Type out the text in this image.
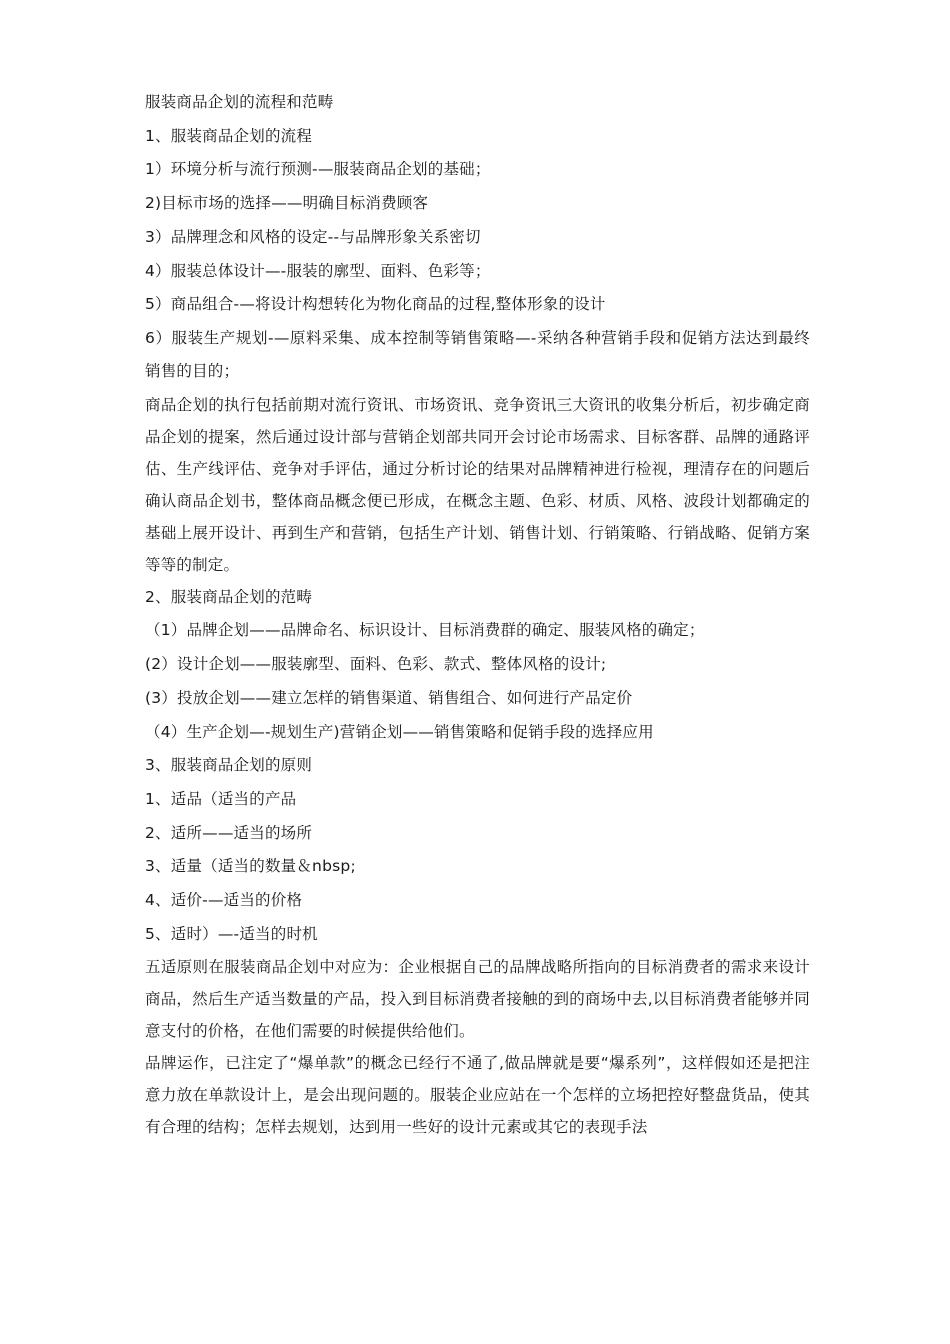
服装商品企划的流程和范畴
1、服装商品企划的流程
1）环境分析与流行预测-—服装商品企划的基础；
2)目标市场的选择——明确目标消费顾客
3）品牌理念和风格的设定--与品牌形象关系密切
4）服装总体设计—-服装的廓型、面料、色彩等；
5）商品组合-—将设计构想转化为物化商品的过程,整体形象的设计
6）服装生产规划-—原料采集、成本控制等销售策略—-采纳各种营销手段和促销方法达到最终销售的目的；
商品企划的执行包括前期对流行资讯、市场资讯、竞争资讯三大资讯的收集分析后，初步确定商品企划的提案，然后通过设计部与营销企划部共同开会讨论市场需求、目标客群、品牌的通路评估、生产线评估、竞争对手评估，通过分析讨论的结果对品牌精神进行检视，理清存在的问题后确认商品企划书，整体商品概念便已形成，在概念主题、色彩、材质、风格、波段计划都确定的基础上展开设计、再到生产和营销，包括生产计划、销售计划、行销策略、行销战略、促销方案等等的制定。
2、服装商品企划的范畴
（1）品牌企划——品牌命名、标识设计、目标消费群的确定、服装风格的确定；
(2）设计企划——服装廓型、面料、色彩、款式、整体风格的设计;
(3）投放企划——建立怎样的销售渠道、销售组合、如何进行产品定价
（4）生产企划—-规划生产)营销企划——销售策略和促销手段的选择应用
3、服装商品企划的原则
1、适品（适当的产品
2、适所——适当的场所
3、适量（适当的数量＆nbsp;
4、适价-—适当的价格
5、适时）—-适当的时机
五适原则在服装商品企划中对应为：企业根据自己的品牌战略所指向的目标消费者的需求来设计商品，然后生产适当数量的产品，投入到目标消费者接触的到的商场中去,以目标消费者能够并同意支付的价格，在他们需要的时候提供给他们。
品牌运作，已注定了“爆单款”的概念已经行不通了,做品牌就是要“爆系列”，这样假如还是把注意力放在单款设计上，是会出现问题的。服装企业应站在一个怎样的立场把控好整盘货品，使其有合理的结构；怎样去规划，达到用一些好的设计元素或其它的表现手法
